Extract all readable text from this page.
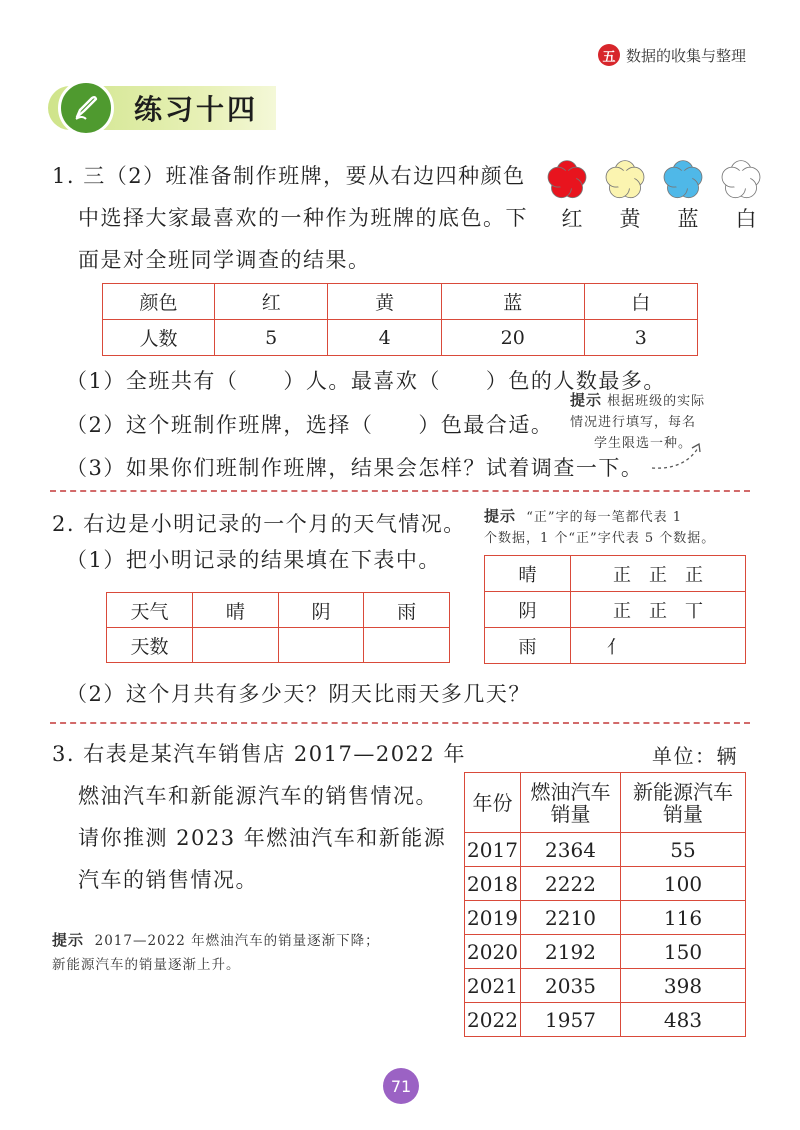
五 数据的收集与整理
练习十四
1. 三（2）班准备制作班牌，要从右边四种颜色
中选择大家最喜欢的一种作为班牌的底色。下
面是对全班同学调查的结果。
红 黄 蓝 白
颜色	红	黄	蓝	白
人数	5	4	20	3
（1）全班共有（　　）人。最喜欢（　　）色的人数最多。
（2）这个班制作班牌，选择（　　）色最合适。
（3）如果你们班制作班牌，结果会怎样？试着调查一下。
提示 根据班级的实际
情况进行填写，每名
学生限选一种。
2. 右边是小明记录的一个月的天气情况。
（1）把小明记录的结果填在下表中。
提示 “正”字的每一笔都代表 1
个数据，1 个“正”字代表 5 个数据。
晴	正　正　正
阴	正　正　丅
雨	亻
天气	晴	阴	雨
天数			
（2）这个月共有多少天？阴天比雨天多几天？
3. 右表是某汽车销售店 2017—2022 年
燃油汽车和新能源汽车的销售情况。
请你推测 2023 年燃油汽车和新能源
汽车的销售情况。
单位：辆
年份	燃油汽车销量	新能源汽车销量
2017	2364	55
2018	2222	100
2019	2210	116
2020	2192	150
2021	2035	398
2022	1957	483
提示 2017—2022 年燃油汽车的销量逐渐下降；
新能源汽车的销量逐渐上升。
71
